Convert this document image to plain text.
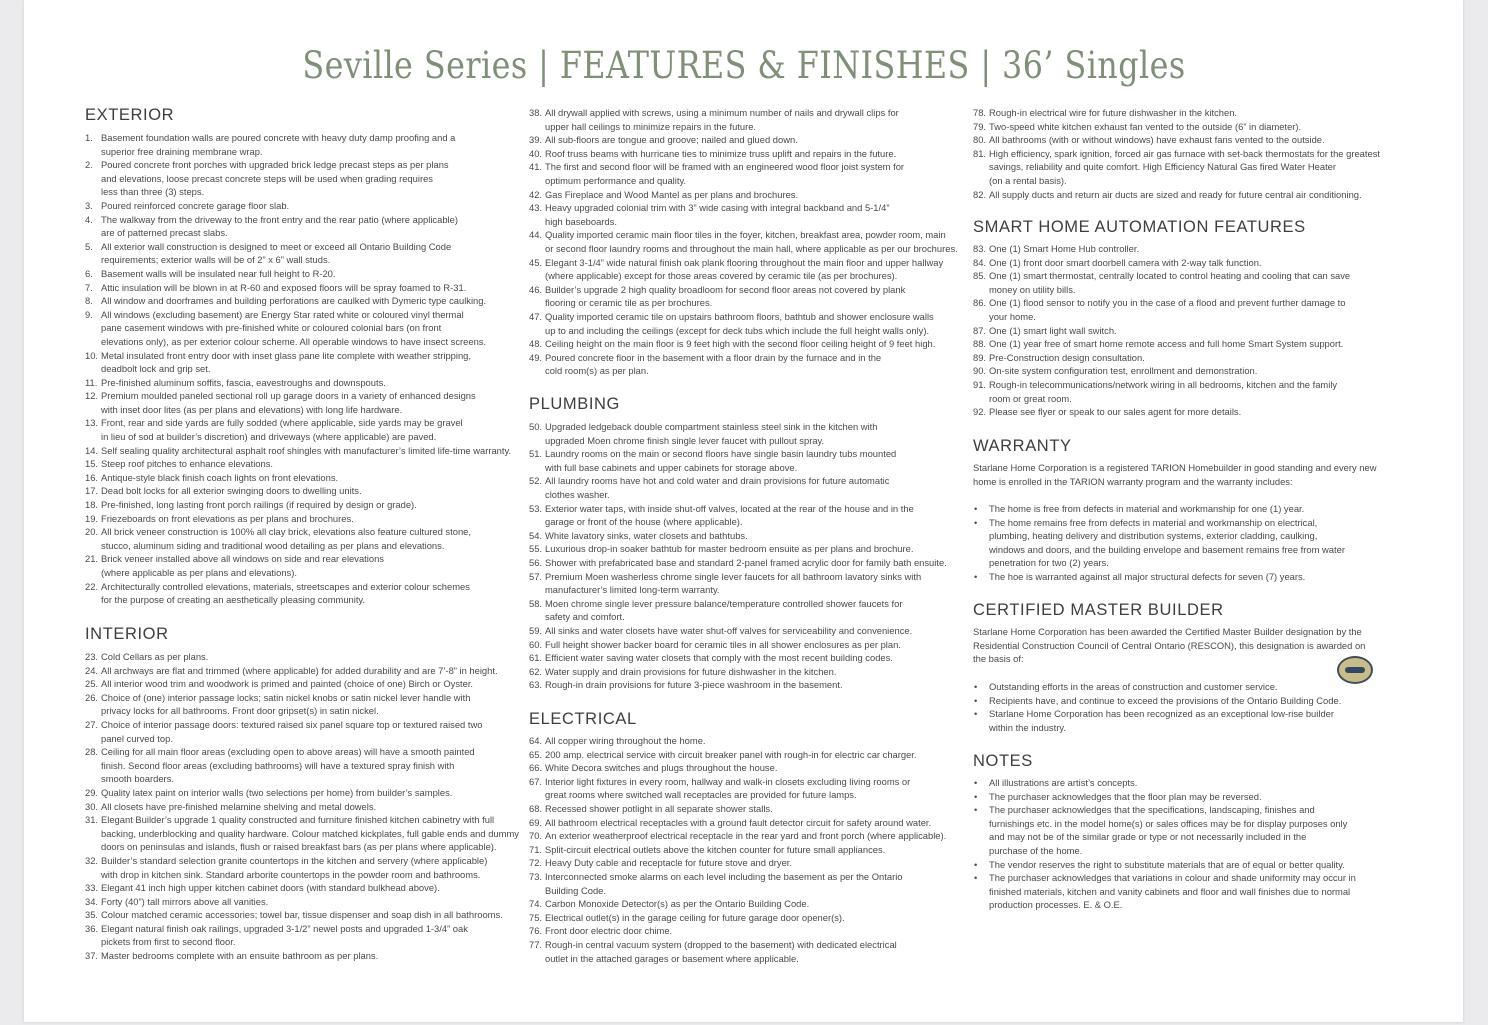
Seville Series | FEATURES & FINISHES | 36’ Singles
EXTERIOR
1. Basement foundation walls are poured concrete with heavy duty damp proofing and a
superior free draining membrane wrap.
2. Poured concrete front porches with upgraded brick ledge precast steps as per plans
and elevations, loose precast concrete steps will be used when grading requires
less than three (3) steps.
3. Poured reinforced concrete garage floor slab.
4. The walkway from the driveway to the front entry and the rear patio (where applicable)
are of patterned precast slabs.
5. All exterior wall construction is designed to meet or exceed all Ontario Building Code
requirements; exterior walls will be of 2” x 6” wall studs.
6. Basement walls will be insulated near full height to R-20.
7. Attic insulation will be blown in at R-60 and exposed floors will be spray foamed to R-31.
8. All window and doorframes and building perforations are caulked with Dymeric type caulking.
9. All windows (excluding basement) are Energy Star rated white or coloured vinyl thermal
pane casement windows with pre-finished white or coloured colonial bars (on front
elevations only), as per exterior colour scheme. All operable windows to have insect screens.
10. Metal insulated front entry door with inset glass pane lite complete with weather stripping,
deadbolt lock and grip set.
11. Pre-finished aluminum soffits, fascia, eavestroughs and downspouts.
12. Premium moulded paneled sectional roll up garage doors in a variety of enhanced designs
with inset door lites (as per plans and elevations) with long life hardware.
13. Front, rear and side yards are fully sodded (where applicable, side yards may be gravel
in lieu of sod at builder’s discretion) and driveways (where applicable) are paved.
14. Self sealing quality architectural asphalt roof shingles with manufacturer’s limited life-time warranty.
15. Steep roof pitches to enhance elevations.
16. Antique-style black finish coach lights on front elevations.
17. Dead bolt locks for all exterior swinging doors to dwelling units.
18. Pre-finished, long lasting front porch railings (if required by design or grade).
19. Friezeboards on front elevations as per plans and brochures.
20. All brick veneer construction is 100% all clay brick, elevations also feature cultured stone,
stucco, aluminum siding and traditional wood detailing as per plans and elevations.
21. Brick veneer installed above all windows on side and rear elevations
(where applicable as per plans and elevations).
22. Architecturally controlled elevations, materials, streetscapes and exterior colour schemes
for the purpose of creating an aesthetically pleasing community.
INTERIOR
23. Cold Cellars as per plans.
24. All archways are flat and trimmed (where applicable) for added durability and are 7’-8” in height.
25. All interior wood trim and woodwork is primed and painted (choice of one) Birch or Oyster.
26. Choice of (one) interior passage locks; satin nickel knobs or satin nickel lever handle with
privacy locks for all bathrooms. Front door gripset(s) in satin nickel.
27. Choice of interior passage doors: textured raised six panel square top or textured raised two
panel curved top.
28. Ceiling for all main floor areas (excluding open to above areas) will have a smooth painted
finish. Second floor areas (excluding bathrooms) will have a textured spray finish with
smooth boarders.
29. Quality latex paint on interior walls (two selections per home) from builder’s samples.
30. All closets have pre-finished melamine shelving and metal dowels.
31. Elegant Builder’s upgrade 1 quality constructed and furniture finished kitchen cabinetry with full
backing, underblocking and quality hardware. Colour matched kickplates, full gable ends and dummy
doors on peninsulas and islands, flush or raised breakfast bars (as per plans where applicable).
32. Builder’s standard selection granite countertops in the kitchen and servery (where applicable)
with drop in kitchen sink. Standard arborite countertops in the powder room and bathrooms.
33. Elegant 41 inch high upper kitchen cabinet doors (with standard bulkhead above).
34. Forty (40”) tall mirrors above all vanities.
35. Colour matched ceramic accessories; towel bar, tissue dispenser and soap dish in all bathrooms.
36. Elegant natural finish oak railings, upgraded 3-1/2” newel posts and upgraded 1-3/4” oak
pickets from first to second floor.
37. Master bedrooms complete with an ensuite bathroom as per plans.
38. All drywall applied with screws, using a minimum number of nails and drywall clips for
upper hall ceilings to minimize repairs in the future.
39. All sub-floors are tongue and groove; nailed and glued down.
40. Roof truss beams with hurricane ties to minimize truss uplift and repairs in the future.
41. The first and second floor will be framed with an engineered wood floor joist system for
optimum performance and quality.
42. Gas Fireplace and Wood Mantel as per plans and brochures.
43. Heavy upgraded colonial trim with 3” wide casing with integral backband and 5-1/4”
high baseboards.
44. Quality imported ceramic main floor tiles in the foyer, kitchen, breakfast area, powder room, main
or second floor laundry rooms and throughout the main hall, where applicable as per our brochures.
45. Elegant 3-1/4” wide natural finish oak plank flooring throughout the main floor and upper hallway
(where applicable) except for those areas covered by ceramic tile (as per brochures).
46. Builder’s upgrade 2 high quality broadloom for second floor areas not covered by plank
flooring or ceramic tile as per brochures.
47. Quality imported ceramic tile on upstairs bathroom floors, bathtub and shower enclosure walls
up to and including the ceilings (except for deck tubs which include the full height walls only).
48. Ceiling height on the main floor is 9 feet high with the second floor ceiling height of 9 feet high.
49. Poured concrete floor in the basement with a floor drain by the furnace and in the
cold room(s) as per plan.
PLUMBING
50. Upgraded ledgeback double compartment stainless steel sink in the kitchen with
upgraded Moen chrome finish single lever faucet with pullout spray.
51. Laundry rooms on the main or second floors have single basin laundry tubs mounted
with full base cabinets and upper cabinets for storage above.
52. All laundry rooms have hot and cold water and drain provisions for future automatic
clothes washer.
53. Exterior water taps, with inside shut-off valves, located at the rear of the house and in the
garage or front of the house (where applicable).
54. White lavatory sinks, water closets and bathtubs.
55. Luxurious drop-in soaker bathtub for master bedroom ensuite as per plans and brochure.
56. Shower with prefabricated base and standard 2-panel framed acrylic door for family bath ensuite.
57. Premium Moen washerless chrome single lever faucets for all bathroom lavatory sinks with
manufacturer’s limited long-term warranty.
58. Moen chrome single lever pressure balance/temperature controlled shower faucets for
safety and comfort.
59. All sinks and water closets have water shut-off valves for serviceability and convenience.
60. Full height shower backer board for ceramic tiles in all shower enclosures as per plan.
61. Efficient water saving water closets that comply with the most recent building codes.
62. Water supply and drain provisions for future dishwasher in the kitchen.
63. Rough-in drain provisions for future 3-piece washroom in the basement.
ELECTRICAL
64. All copper wiring throughout the home.
65. 200 amp. electrical service with circuit breaker panel with rough-in for electric car charger.
66. White Decora switches and plugs throughout the house.
67. Interior light fixtures in every room, hallway and walk-in closets excluding living rooms or
great rooms where switched wall receptacles are provided for future lamps.
68. Recessed shower potlight in all separate shower stalls.
69. All bathroom electrical receptacles with a ground fault detector circuit for safety around water.
70. An exterior weatherproof electrical receptacle in the rear yard and front porch (where applicable).
71. Split-circuit electrical outlets above the kitchen counter for future small appliances.
72. Heavy Duty cable and receptacle for future stove and dryer.
73. Interconnected smoke alarms on each level including the basement as per the Ontario
Building Code.
74. Carbon Monoxide Detector(s) as per the Ontario Building Code.
75. Electrical outlet(s) in the garage ceiling for future garage door opener(s).
76. Front door electric door chime.
77. Rough-in central vacuum system (dropped to the basement) with dedicated electrical
outlet in the attached garages or basement where applicable.
78. Rough-in electrical wire for future dishwasher in the kitchen.
79. Two-speed white kitchen exhaust fan vented to the outside (6” in diameter).
80. All bathrooms (with or without windows) have exhaust fans vented to the outside.
81. High efficiency, spark ignition, forced air gas furnace with set-back thermostats for the greatest
savings, reliability and quite comfort. High Efficiency Natural Gas fired Water Heater
(on a rental basis).
82. All supply ducts and return air ducts are sized and ready for future central air conditioning.
SMART HOME AUTOMATION FEATURES
83. One (1) Smart Home Hub controller.
84. One (1) front door smart doorbell camera with 2-way talk function.
85. One (1) smart thermostat, centrally located to control heating and cooling that can save
money on utility bills.
86. One (1) flood sensor to notify you in the case of a flood and prevent further damage to
your home.
87. One (1) smart light wall switch.
88. One (1) year free of smart home remote access and full home Smart System support.
89. Pre-Construction design consultation.
90. On-site system configuration test, enrollment and demonstration.
91. Rough-in telecommunications/network wiring in all bedrooms, kitchen and the family
room or great room.
92. Please see flyer or speak to our sales agent for more details.
WARRANTY
Starlane Home Corporation is a registered TARION Homebuilder in good standing and every new
home is enrolled in the TARION warranty program and the warranty includes:
• The home is free from defects in material and workmanship for one (1) year.
• The home remains free from defects in material and workmanship on electrical,
plumbing, heating delivery and distribution systems, exterior cladding, caulking,
windows and doors, and the building envelope and basement remains free from water
penetration for two (2) years.
• The hoe is warranted against all major structural defects for seven (7) years.
CERTIFIED MASTER BUILDER
Starlane Home Corporation has been awarded the Certified Master Builder designation by the
Residential Construction Council of Central Ontario (RESCON), this designation is awarded on
the basis of:
• Outstanding efforts in the areas of construction and customer service.
• Recipients have, and continue to exceed the provisions of the Ontario Building Code.
• Starlane Home Corporation has been recognized as an exceptional low-rise builder
within the industry.
NOTES
• All illustrations are artist’s concepts.
• The purchaser acknowledges that the floor plan may be reversed.
• The purchaser acknowledges that the specifications, landscaping, finishes and
furnishings etc. in the model home(s) or sales offices may be for display purposes only
and may not be of the similar grade or type or not necessarily included in the
purchase of the home.
• The vendor reserves the right to substitute materials that are of equal or better quality.
• The purchaser acknowledges that variations in colour and shade uniformity may occur in
finished materials, kitchen and vanity cabinets and floor and wall finishes due to normal
production processes. E. & O.E.
